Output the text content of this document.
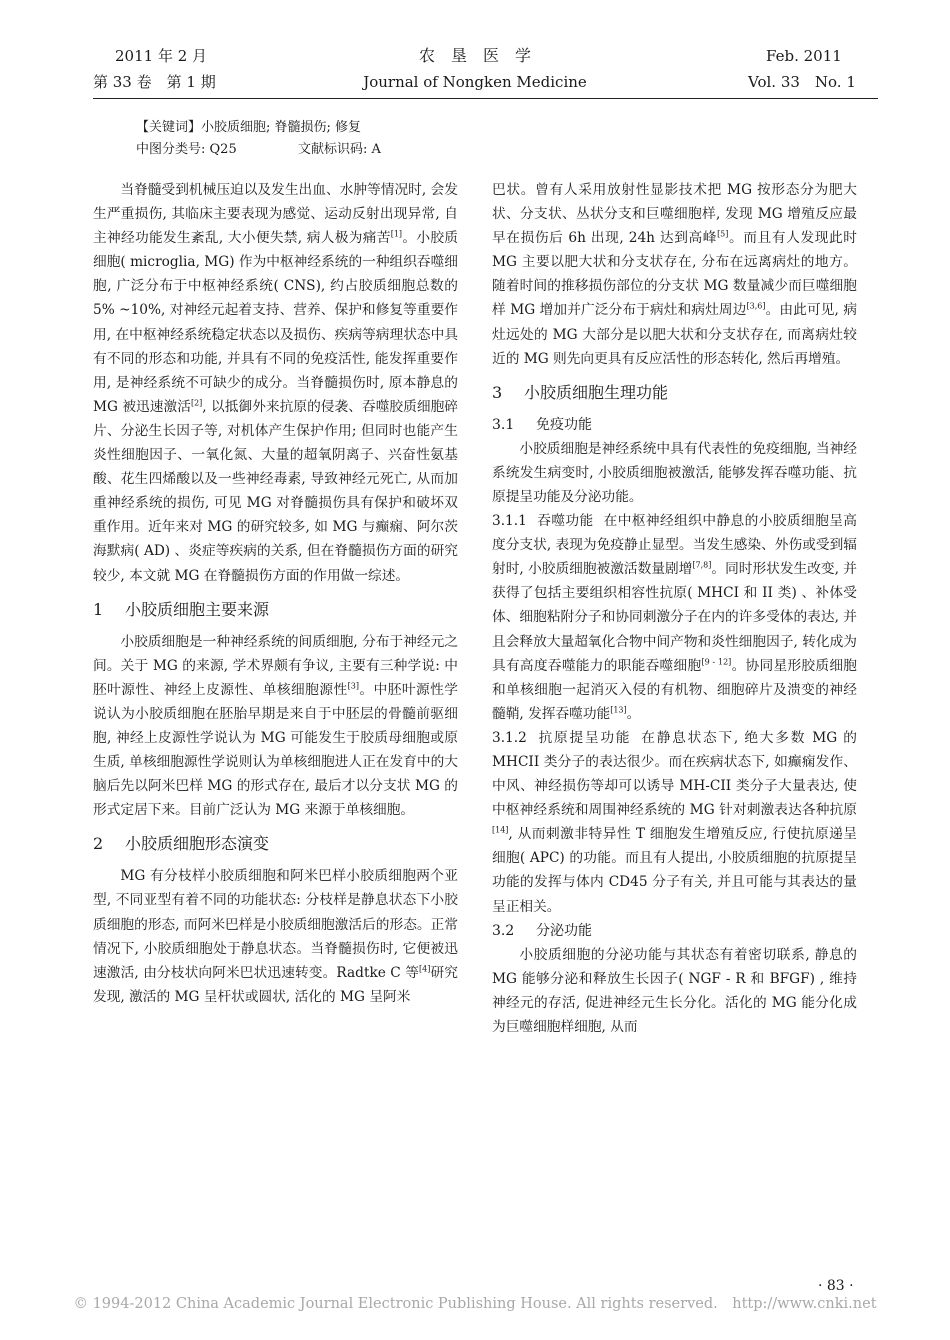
2011 年 2 月
第 33 卷　第 1 期
农　垦　医　学
Journal of Nongken Medicine
Feb. 2011
Vol. 33　No. 1
【关键词】小胶质细胞; 脊髓损伤; 修复
中图分类号: Q25	文献标识码: A

当脊髓受到机械压迫以及发生出血、水肿等情况时, 会发生严重损伤, 其临床主要表现为感觉、运动反射出现异常, 自主神经功能发生紊乱, 大小便失禁, 病人极为痛苦[1]。小胶质细胞( microglia, MG) 作为中枢神经系统的一种组织吞噬细胞, 广泛分布于中枢神经系统( CNS), 约占胶质细胞总数的 5% ~10%, 对神经元起着支持、营养、保护和修复等重要作用, 在中枢神经系统稳定状态以及损伤、疾病等病理状态中具有不同的形态和功能, 并具有不同的免疫活性, 能发挥重要作用, 是神经系统不可缺少的成分。当脊髓损伤时, 原本静息的 MG 被迅速激活[2], 以抵御外来抗原的侵袭、吞噬胶质细胞碎片、分泌生长因子等, 对机体产生保护作用; 但同时也能产生炎性细胞因子、一氧化氮、大量的超氧阴离子、兴奋性氨基酸、花生四烯酸以及一些神经毒素, 导致神经元死亡, 从而加重神经系统的损伤, 可见 MG 对脊髓损伤具有保护和破坏双重作用。近年来对 MG 的研究较多, 如 MG 与癫痫、阿尔茨海默病( AD) 、炎症等疾病的关系, 但在脊髓损伤方面的研究较少, 本文就 MG 在脊髓损伤方面的作用做一综述。

1 小胶质细胞主要来源

小胶质细胞是一种神经系统的间质细胞, 分布于神经元之间。关于 MG 的来源, 学术界颇有争议, 主要有三种学说: 中胚叶源性、神经上皮源性、单核细胞源性[3]。中胚叶源性学说认为小胶质细胞在胚胎早期是来自于中胚层的骨髓前驱细胞, 神经上皮源性学说认为 MG 可能发生于胶质母细胞或原生质, 单核细胞源性学说则认为单核细胞进人正在发育中的大脑后先以阿米巴样 MG 的形式存在, 最后才以分支状 MG 的形式定居下来。目前广泛认为 MG 来源于单核细胞。

2 小胶质细胞形态演变

MG 有分枝样小胶质细胞和阿米巴样小胶质细胞两个亚型, 不同亚型有着不同的功能状态: 分枝样是静息状态下小胶质细胞的形态, 而阿米巴样是小胶质细胞激活后的形态。正常情况下, 小胶质细胞处于静息状态。当脊髓损伤时, 它便被迅速激活, 由分枝状向阿米巴状迅速转变。Radtke C 等[4]研究发现, 激活的 MG 呈杆状或圆状, 活化的 MG 呈阿米

巴状。曾有人采用放射性显影技术把 MG 按形态分为肥大状、分支状、丛状分支和巨噬细胞样, 发现 MG 增殖反应最早在损伤后 6h 出现, 24h 达到高峰[5]。而且有人发现此时 MG 主要以肥大状和分支状存在, 分布在远离病灶的地方。随着时间的推移损伤部位的分支状 MG 数量减少而巨噬细胞样 MG 增加并广泛分布于病灶和病灶周边[3,6]。由此可见, 病灶远处的 MG 大部分是以肥大状和分支状存在, 而离病灶较近的 MG 则先向更具有反应活性的形态转化, 然后再增殖。

3 小胶质细胞生理功能
3.1 免疫功能

小胶质细胞是神经系统中具有代表性的免疫细胞, 当神经系统发生病变时, 小胶质细胞被激活, 能够发挥吞噬功能、抗原提呈功能及分泌功能。

3.1.1 吞噬功能 在中枢神经组织中静息的小胶质细胞呈高度分支状, 表现为免疫静止显型。当发生感染、外伤或受到辐射时, 小胶质细胞被激活数量剧增[7,8]。同时形状发生改变, 并获得了包括主要组织相容性抗原( MHCI 和 II 类) 、补体受体、细胞粘附分子和协同刺激分子在内的许多受体的表达, 并且会释放大量超氧化合物中间产物和炎性细胞因子, 转化成为具有高度吞噬能力的职能吞噬细胞[9 - 12]。协同星形胶质细胞和单核细胞一起消灭入侵的有机物、细胞碎片及溃变的神经髓鞘, 发挥吞噬功能[13]。

3.1.2 抗原提呈功能 在静息状态下, 绝大多数 MG 的 MHCII 类分子的表达很少。而在疾病状态下, 如癫痫发作、中风、神经损伤等却可以诱导 MH-CII 类分子大量表达, 使中枢神经系统和周围神经系统的 MG 针对刺激表达各种抗原[14], 从而刺激非特异性 T 细胞发生增殖反应, 行使抗原递呈细胞( APC) 的功能。而且有人提出, 小胶质细胞的抗原提呈功能的发挥与体内 CD45 分子有关, 并且可能与其表达的量呈正相关。

3.2 分泌功能

小胶质细胞的分泌功能与其状态有着密切联系, 静息的 MG 能够分泌和释放生长因子( NGF - R 和 BFGF) , 维持神经元的存活, 促进神经元生长分化。活化的 MG 能分化成为巨噬细胞样细胞, 从而

· 83 ·
© 1994-2012 China Academic Journal Electronic Publishing House. All rights reserved.　http://www.cnki.net
